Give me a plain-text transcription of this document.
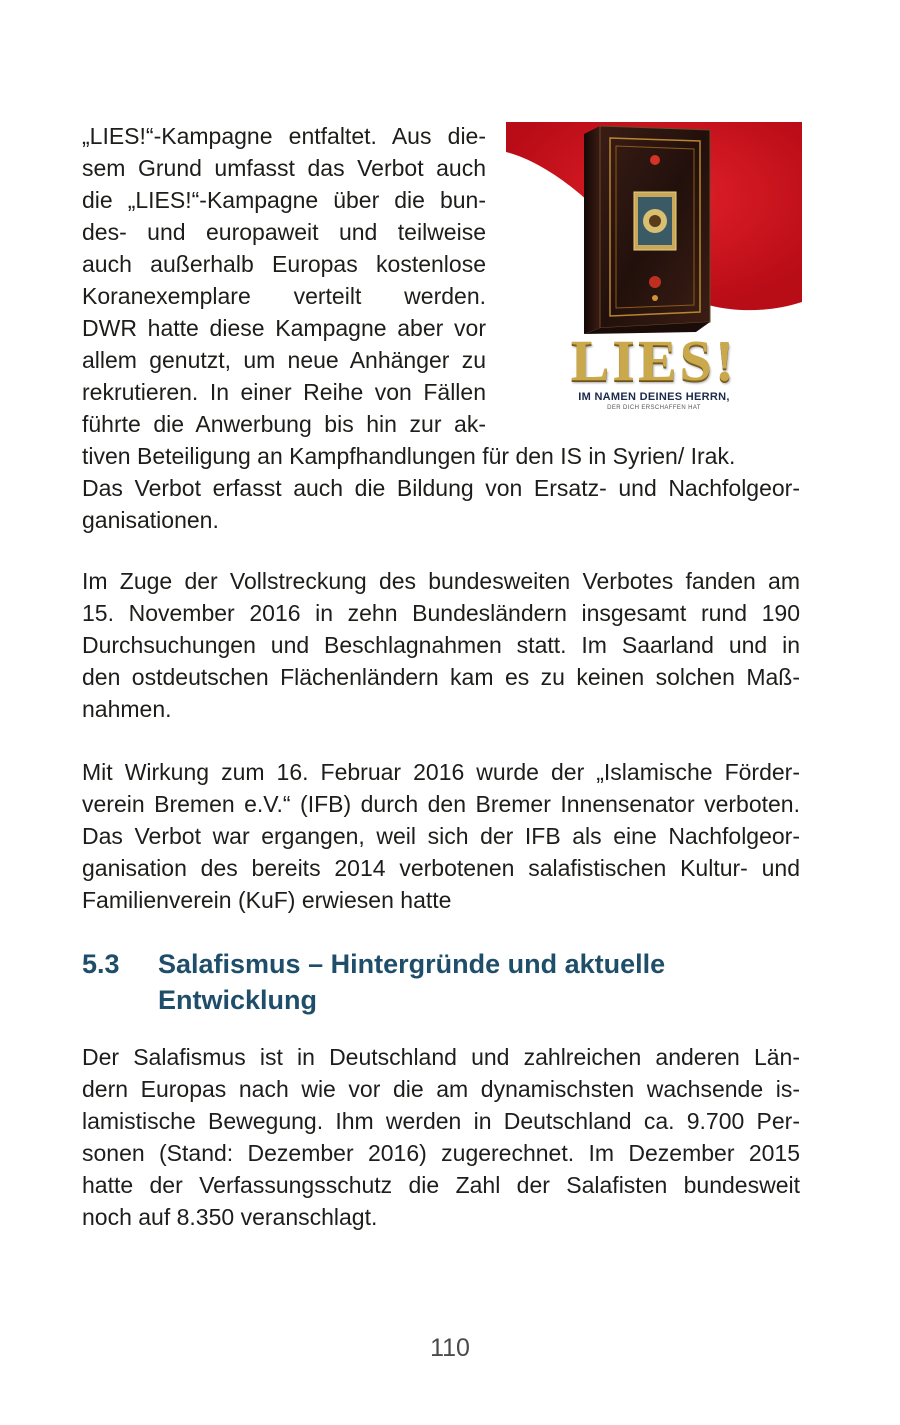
„LIES!“-Kampagne entfaltet. Aus die-
sem Grund umfasst das Verbot auch
die „LIES!“-Kampagne über die bun-
des- und europaweit und teilweise
auch außerhalb Europas kostenlose
Koranexemplare verteilt werden.
DWR hatte diese Kampagne aber vor
allem genutzt, um neue Anhänger zu
rekrutieren. In einer Reihe von Fällen
führte die Anwerbung bis hin zur ak-
tiven Beteiligung an Kampfhandlungen für den IS in Syrien/ Irak.
Das Verbot erfasst auch die Bildung von Ersatz- und Nachfolgeor-
ganisationen.
LIES!
IM NAMEN DEINES HERRN,
DER DICH ERSCHAFFEN HAT
Im Zuge der Vollstreckung des bundesweiten Verbotes fanden am
15. November 2016 in zehn Bundesländern insgesamt rund 190
Durchsuchungen und Beschlagnahmen statt. Im Saarland und in
den ostdeutschen Flächenländern kam es zu keinen solchen Maß-
nahmen.
Mit Wirkung zum 16. Februar 2016 wurde der „Islamische Förder-
verein Bremen e.V.“ (IFB) durch den Bremer Innensenator verboten.
Das Verbot war ergangen, weil sich der IFB als eine Nachfolgeor-
ganisation des bereits 2014 verbotenen salafistischen Kultur- und
Familienverein (KuF) erwiesen hatte
5.3 Salafismus – Hintergründe und aktuelle
Entwicklung
Der Salafismus ist in Deutschland und zahlreichen anderen Län-
dern Europas nach wie vor die am dynamischsten wachsende is-
lamistische Bewegung. Ihm werden in Deutschland ca. 9.700 Per-
sonen (Stand: Dezember 2016) zugerechnet. Im Dezember 2015
hatte der Verfassungsschutz die Zahl der Salafisten bundesweit
noch auf 8.350 veranschlagt.
110
